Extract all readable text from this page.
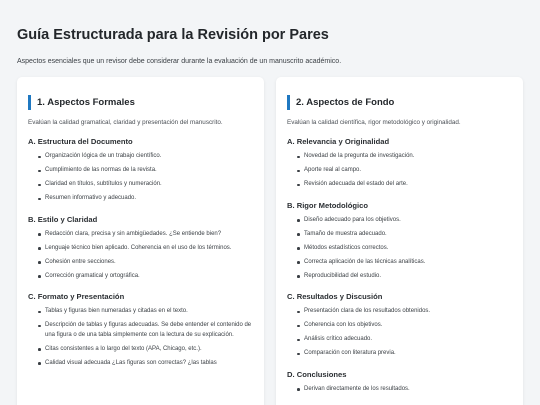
Guía Estructurada para la Revisión por Pares

Aspectos esenciales que un revisor debe considerar durante la evaluación de un manuscrito académico.

1. Aspectos Formales

Evalúan la calidad gramatical, claridad y presentación del manuscrito.

A. Estructura del Documento
Organización lógica de un trabajo científico.
Cumplimiento de las normas de la revista.
Claridad en títulos, subtítulos y numeración.
Resumen informativo y adecuado.
B. Estilo y Claridad
Redacción clara, precisa y sin ambigüedades. ¿Se entiende bien?
Lenguaje técnico bien aplicado. Coherencia en el uso de los términos.
Cohesión entre secciones.
Corrección gramatical y ortográfica.
C. Formato y Presentación
Tablas y figuras bien numeradas y citadas en el texto.
Descripción de tablas y figuras adecuadas. Se debe entender el contenido de una figura o de una tabla simplemente con la lectura de su explicación.
Citas consistentes a lo largo del texto (APA, Chicago, etc.).
Calidad visual adecuada ¿Las figuras son correctas? ¿las tablas
2. Aspectos de Fondo

Evalúan la calidad científica, rigor metodológico y originalidad.

A. Relevancia y Originalidad
Novedad de la pregunta de investigación.
Aporte real al campo.
Revisión adecuada del estado del arte.
B. Rigor Metodológico
Diseño adecuado para los objetivos.
Tamaño de muestra adecuado.
Métodos estadísticos correctos.
Correcta aplicación de las técnicas analíticas.
Reproducibilidad del estudio.
C. Resultados y Discusión
Presentación clara de los resultados obtenidos.
Coherencia con los objetivos.
Análisis crítico adecuado.
Comparación con literatura previa.
D. Conclusiones
Derivan directamente de los resultados.
